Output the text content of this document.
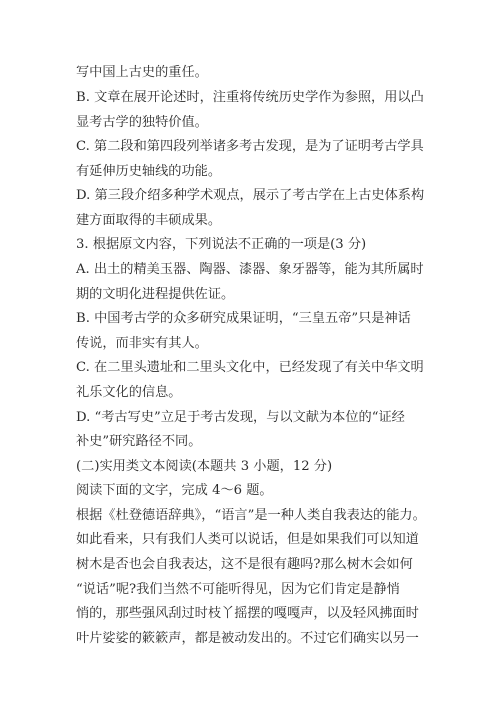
写中国上古史的重任。
B. 文章在展开论述时，注重将传统历史学作为参照，用以凸
显考古学的独特价值。
C. 第二段和第四段列举诸多考古发现，是为了证明考古学具
有延伸历史轴线的功能。
D. 第三段介绍多种学术观点，展示了考古学在上古史体系构
建方面取得的丰硕成果。
3. 根据原文内容，下列说法不正确的一项是(3 分)
A. 出土的精美玉器、陶器、漆器、象牙器等，能为其所属时
期的文明化进程提供佐证。
B. 中国考古学的众多研究成果证明，“三皇五帝”只是神话
传说，而非实有其人。
C. 在二里头遗址和二里头文化中，已经发现了有关中华文明
礼乐文化的信息。
D. “考古写史”立足于考古发现，与以文献为本位的“证经
补史”研究路径不同。
(二)实用类文本阅读(本题共 3 小题，12 分)
阅读下面的文字，完成 4～6 题。
根据《杜登德语辞典》，“语言”是一种人类自我表达的能力。
如此看来，只有我们人类可以说话，但是如果我们可以知道
树木是否也会自我表达，这不是很有趣吗?那么树木会如何
“说话”呢?我们当然不可能听得见，因为它们肯定是静悄
悄的，那些强风刮过时枝丫摇摆的嘎嘎声，以及轻风拂面时
叶片娑娑的簌簌声，都是被动发出的。不过它们确实以另一
